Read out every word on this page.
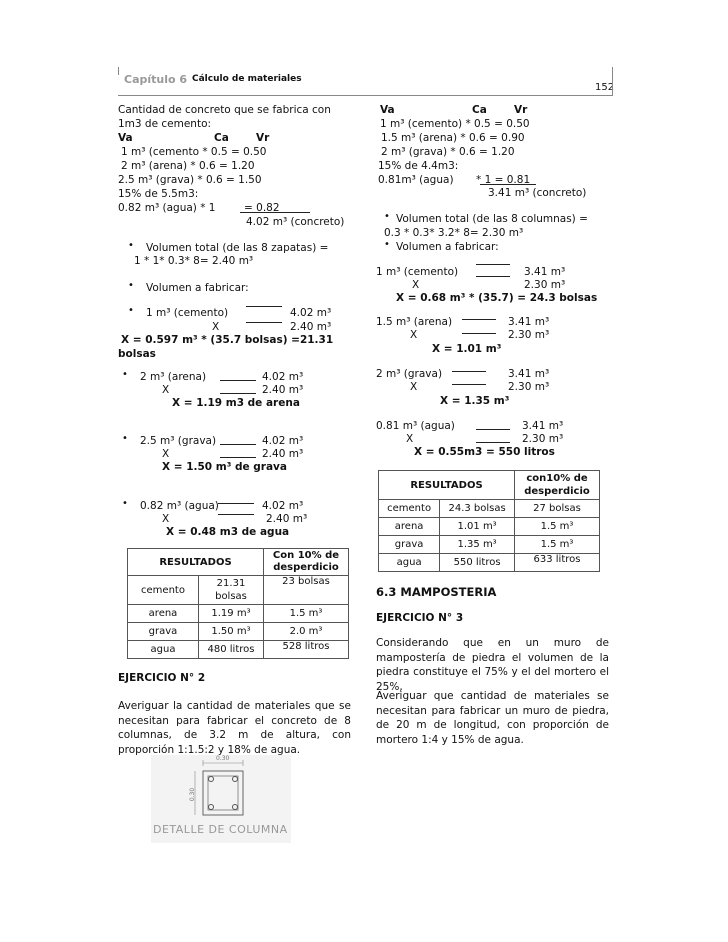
Capítulo 6 Cálculo de materiales
152
Cantidad de concreto que se fabrica con
1m3 de cemento:
Va	Ca	Vr
1 m³ (cemento * 0.5 = 0.50
2 m³ (arena) * 0.6 = 1.20
2.5 m³ (grava) * 0.6 = 1.50
15% de 5.5m3:
0.82 m³ (agua) * 1	= 0.82
4.02 m³ (concreto)
• Volumen total (de las 8 zapatas) =
1 * 1* 0.3* 8= 2.40 m³
• Volumen a fabricar:
• 1 m³ (cemento)	4.02 m³
X	2.40 m³
X = 0.597 m³ * (35.7 bolsas) =21.31
bolsas
• 2 m³ (arena)	4.02 m³
X	2.40 m³
X = 1.19 m3 de arena
• 2.5 m³ (grava)	4.02 m³
X	2.40 m³
X = 1.50 m³ de grava
• 0.82 m³ (agua)	4.02 m³
X	2.40 m³
X = 0.48 m3 de agua
RESULTADOS		Con 10% de desperdicio

cemento	21.31 bolsas	23 bolsas
arena	1.19 m³	1.5 m³
grava	1.50 m³	2.0 m³
agua	480 litros	528 litros
EJERCICIO N° 2
Averiguar la cantidad de materiales que se necesitan para fabricar el concreto de 8 columnas, de 3.2 m de altura, con proporción 1:1.5:2 y 18% de agua.
0.30
0.30
DETALLE DE COLUMNA
Va	Ca	Vr
1 m³ (cemento) * 0.5 = 0.50
1.5 m³ (arena) * 0.6 = 0.90
2 m³ (grava) * 0.6 = 1.20
15% de 4.4m3:
0.81m³ (agua) * 1 = 0.81
3.41 m³ (concreto)
• Volumen total (de las 8 columnas) =
0.3 * 0.3* 3.2* 8= 2.30 m³
• Volumen a fabricar:
1 m³ (cemento)	3.41 m³
X	2.30 m³
X = 0.68 m³ * (35.7) = 24.3 bolsas
1.5 m³ (arena)	3.41 m³
X	2.30 m³
X = 1.01 m³
2 m³ (grava)	3.41 m³
X	2.30 m³
X = 1.35 m³
0.81 m³ (agua)	3.41 m³
X	2.30 m³
X = 0.55m3 = 550 litros
RESULTADOS		con10% de desperdicio
cemento	24.3 bolsas	27 bolsas
arena	1.01 m³	1.5 m³
grava	1.35 m³	1.5 m³
agua	550 litros	633 litros
6.3 MAMPOSTERIA
EJERCICIO N° 3
Considerando que en un muro de mampostería de piedra el volumen de la piedra constituye el 75% y el del mortero el 25%,
Averiguar que cantidad de materiales se necesitan para fabricar un muro de piedra, de 20 m de longitud, con proporción de mortero 1:4 y 15% de agua.
